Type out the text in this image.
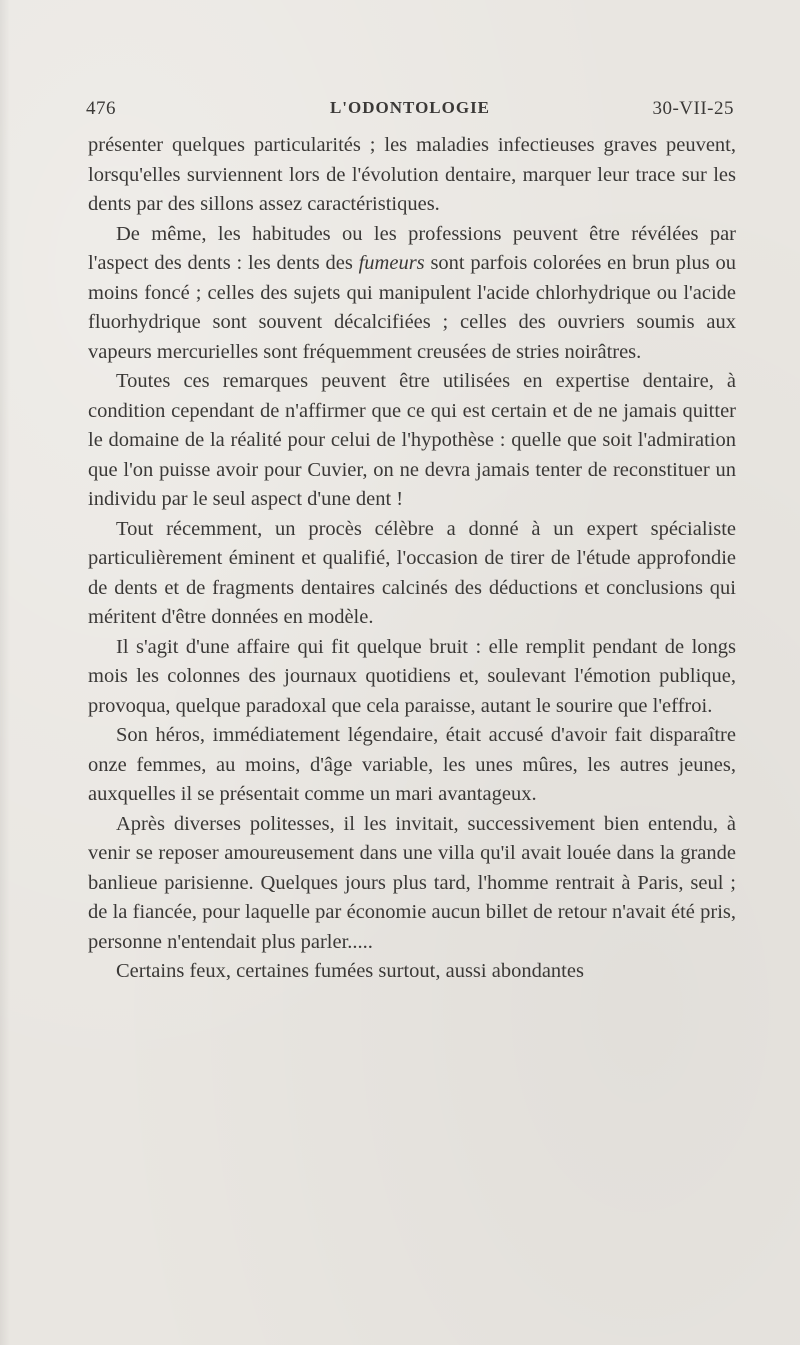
476	L'ODONTOLOGIE	30-VII-25

présenter quelques particularités ; les maladies infectieuses graves peuvent, lorsqu'elles surviennent lors de l'évolution dentaire, marquer leur trace sur les dents par des sillons assez caractéristiques.

De même, les habitudes ou les professions peuvent être révélées par l'aspect des dents : les dents des fumeurs sont parfois colorées en brun plus ou moins foncé ; celles des sujets qui manipulent l'acide chlorhydrique ou l'acide fluorhydrique sont souvent décalcifiées ; celles des ouvriers soumis aux vapeurs mercurielles sont fréquemment creusées de stries noirâtres.

Toutes ces remarques peuvent être utilisées en expertise dentaire, à condition cependant de n'affirmer que ce qui est certain et de ne jamais quitter le domaine de la réalité pour celui de l'hypothèse : quelle que soit l'admiration que l'on puisse avoir pour Cuvier, on ne devra jamais tenter de reconstituer un individu par le seul aspect d'une dent !

Tout récemment, un procès célèbre a donné à un expert spécialiste particulièrement éminent et qualifié, l'occasion de tirer de l'étude approfondie de dents et de fragments dentaires calcinés des déductions et conclusions qui méritent d'être données en modèle.

Il s'agit d'une affaire qui fit quelque bruit : elle remplit pendant de longs mois les colonnes des journaux quotidiens et, soulevant l'émotion publique, provoqua, quelque paradoxal que cela paraisse, autant le sourire que l'effroi.

Son héros, immédiatement légendaire, était accusé d'avoir fait disparaître onze femmes, au moins, d'âge variable, les unes mûres, les autres jeunes, auxquelles il se présentait comme un mari avantageux.

Après diverses politesses, il les invitait, successivement bien entendu, à venir se reposer amoureusement dans une villa qu'il avait louée dans la grande banlieue parisienne. Quelques jours plus tard, l'homme rentrait à Paris, seul ; de la fiancée, pour laquelle par économie aucun billet de retour n'avait été pris, personne n'entendait plus parler.....

Certains feux, certaines fumées surtout, aussi abondantes
